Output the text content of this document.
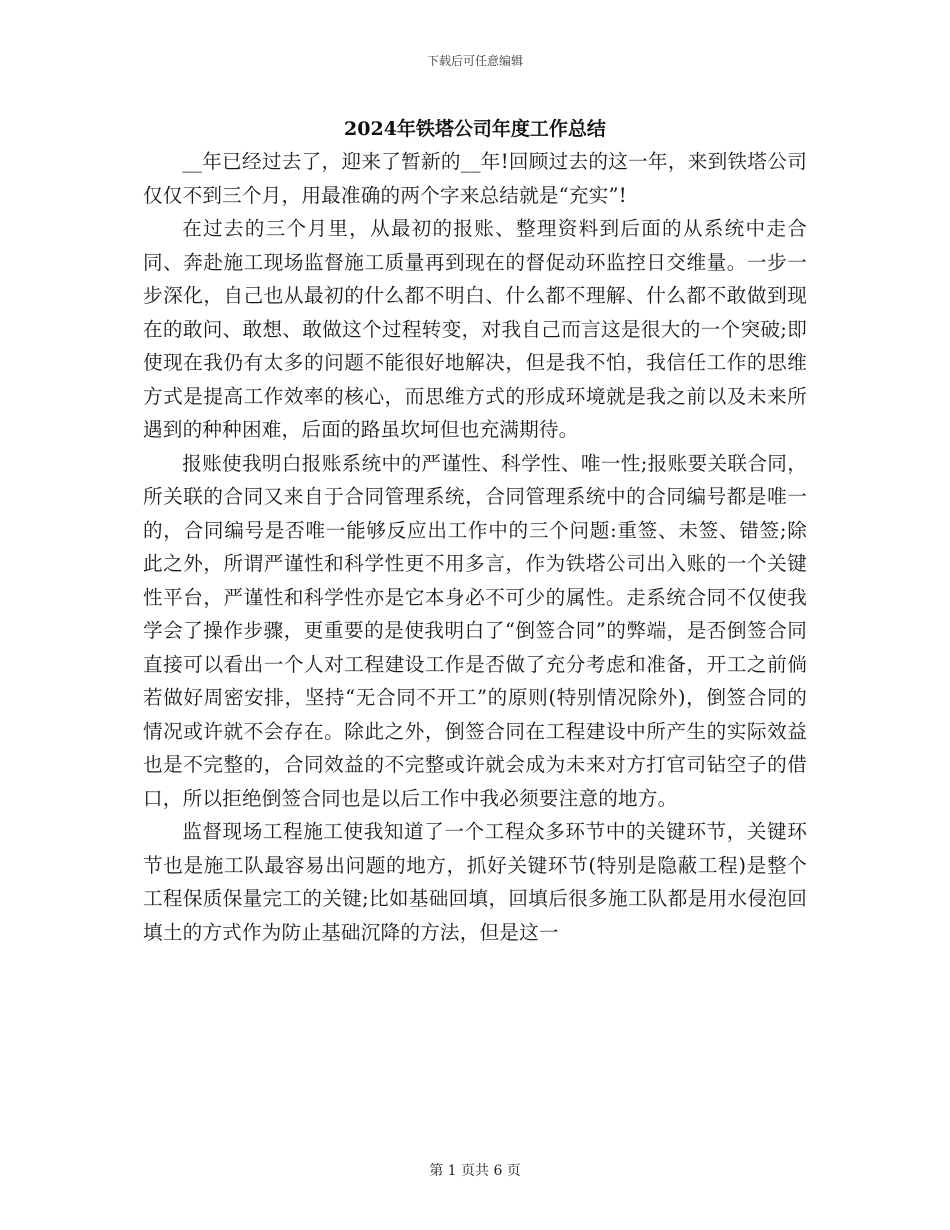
下载后可任意编辑
2024年铁塔公司年度工作总结

__年已经过去了，迎来了暂新的__年!回顾过去的这一年，来到铁塔公司仅仅不到三个月，用最准确的两个字来总结就是“充实”!

在过去的三个月里，从最初的报账、整理资料到后面的从系统中走合同、奔赴施工现场监督施工质量再到现在的督促动环监控日交维量。一步一步深化，自己也从最初的什么都不明白、什么都不理解、什么都不敢做到现在的敢问、敢想、敢做这个过程转变，对我自己而言这是很大的一个突破;即使现在我仍有太多的问题不能很好地解决，但是我不怕，我信任工作的思维方式是提高工作效率的核心，而思维方式的形成环境就是我之前以及未来所遇到的种种困难，后面的路虽坎坷但也充满期待。

报账使我明白报账系统中的严谨性、科学性、唯一性;报账要关联合同，所关联的合同又来自于合同管理系统，合同管理系统中的合同编号都是唯一的，合同编号是否唯一能够反应出工作中的三个问题:重签、未签、错签;除此之外，所谓严谨性和科学性更不用多言，作为铁塔公司出入账的一个关键性平台，严谨性和科学性亦是它本身必不可少的属性。走系统合同不仅使我学会了操作步骤，更重要的是使我明白了“倒签合同”的弊端，是否倒签合同直接可以看出一个人对工程建设工作是否做了充分考虑和准备，开工之前倘若做好周密安排，坚持“无合同不开工”的原则(特别情况除外)，倒签合同的情况或许就不会存在。除此之外，倒签合同在工程建设中所产生的实际效益也是不完整的，合同效益的不完整或许就会成为未来对方打官司钻空子的借口，所以拒绝倒签合同也是以后工作中我必须要注意的地方。

监督现场工程施工使我知道了一个工程众多环节中的关键环节，关键环节也是施工队最容易出问题的地方，抓好关键环节(特别是隐蔽工程)是整个工程保质保量完工的关键;比如基础回填，回填后很多施工队都是用水侵泡回填土的方式作为防止基础沉降的方法，但是这一

第 1 页共 6 页
